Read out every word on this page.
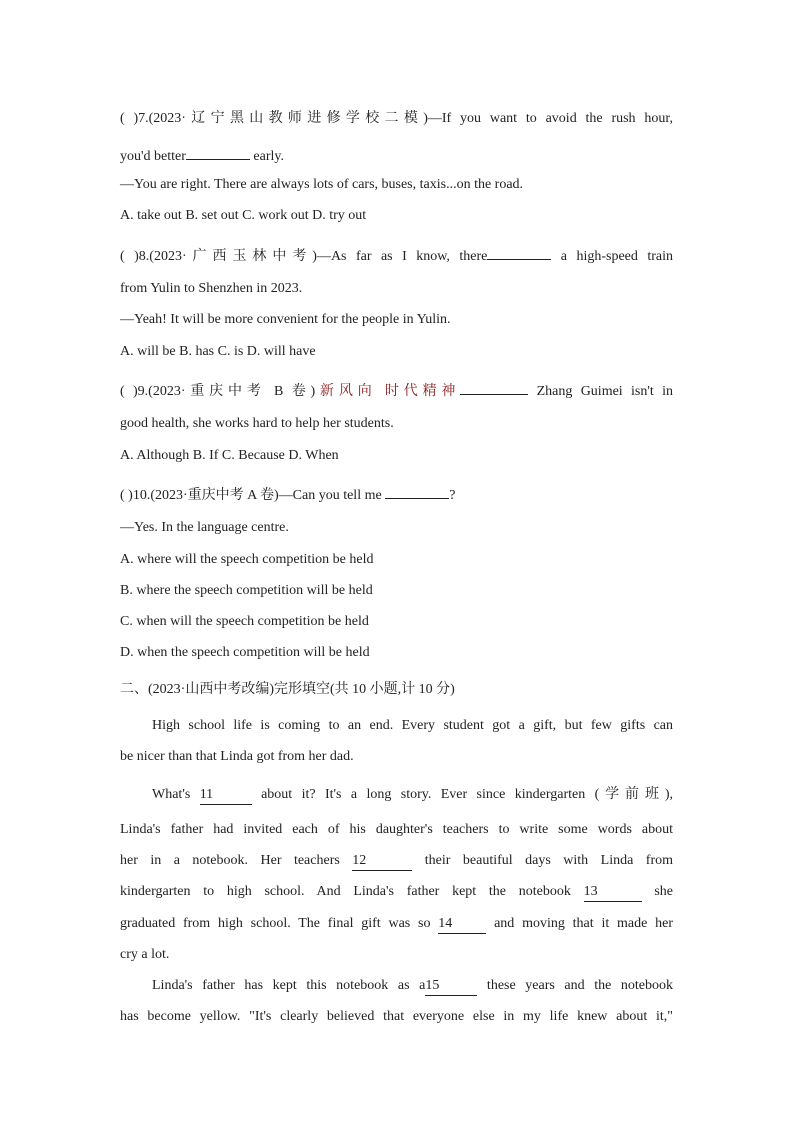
( )7.(2023·辽宁黑山教师进修学校二模)—If you want to avoid the rush hour,
you'd better	early.
—You are right. There are always lots of cars, buses, taxis...on the road.
A. take out B. set out C. work out D. try out
( )8.(2023·广西玉林中考)—As far as I know, there	a high-speed train
from Yulin to Shenzhen in 2023.
—Yeah! It will be more convenient for the people in Yulin.
A. will be B. has C. is D. will have
( )9.(2023·重庆中考 B 卷)新风向 时代精神	Zhang Guimei isn't in
good health, she works hard to help her students.
A. Although B. If C. Because D. When
( )10.(2023·重庆中考 A 卷)—Can you tell me	?
—Yes. In the language centre.
A. where will the speech competition be held
B. where the speech competition will be held
C. when will the speech competition be held
D. when the speech competition will be held
二、(2023·山西中考改编)完形填空(共 10 小题,计 10 分)
High school life is coming to an end. Every student got a gift, but few gifts can
be nicer than that Linda got from her dad.
What's 11	about it? It's a long story. Ever since kindergarten (学前班),
Linda's father had invited each of his daughter's teachers to write some words about
her in a notebook. Her teachers 12	their beautiful days with Linda from
kindergarten to high school. And Linda's father kept the notebook 13	she
graduated from high school. The final gift was so 14 and moving that it made her
cry a lot.
Linda's father has kept this notebook as a15	these years and the notebook
has become yellow. "It's clearly believed that everyone else in my life knew about it,"
